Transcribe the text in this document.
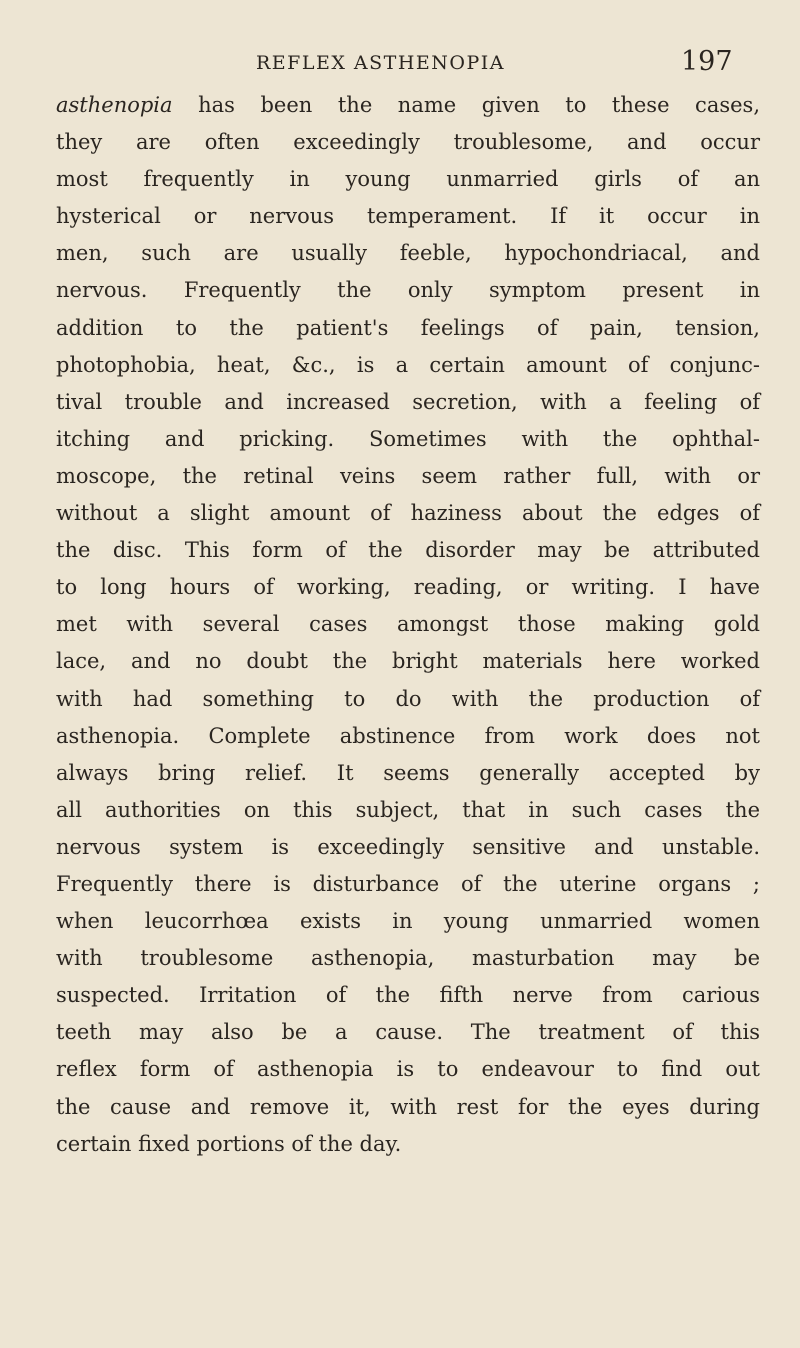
REFLEX ASTHENOPIA	197
asthenopia has been the name given to these cases,
they are often exceedingly troublesome, and occur
most frequently in young unmarried girls of an
hysterical or nervous temperament. If it occur in
men, such are usually feeble, hypochondriacal, and
nervous. Frequently the only symptom present in
addition to the patient's feelings of pain, tension,
photophobia, heat, &c., is a certain amount of conjunc-
tival trouble and increased secretion, with a feeling of
itching and pricking. Sometimes with the ophthal-
moscope, the retinal veins seem rather full, with or
without a slight amount of haziness about the edges of
the disc. This form of the disorder may be attributed
to long hours of working, reading, or writing. I have
met with several cases amongst those making gold
lace, and no doubt the bright materials here worked
with had something to do with the production of
asthenopia. Complete abstinence from work does not
always bring relief. It seems generally accepted by
all authorities on this subject, that in such cases the
nervous system is exceedingly sensitive and unstable.
Frequently there is disturbance of the uterine organs ;
when leucorrhœa exists in young unmarried women
with troublesome asthenopia, masturbation may be
suspected. Irritation of the fifth nerve from carious
teeth may also be a cause. The treatment of this
reflex form of asthenopia is to endeavour to find out
the cause and remove it, with rest for the eyes during
certain fixed portions of the day.
